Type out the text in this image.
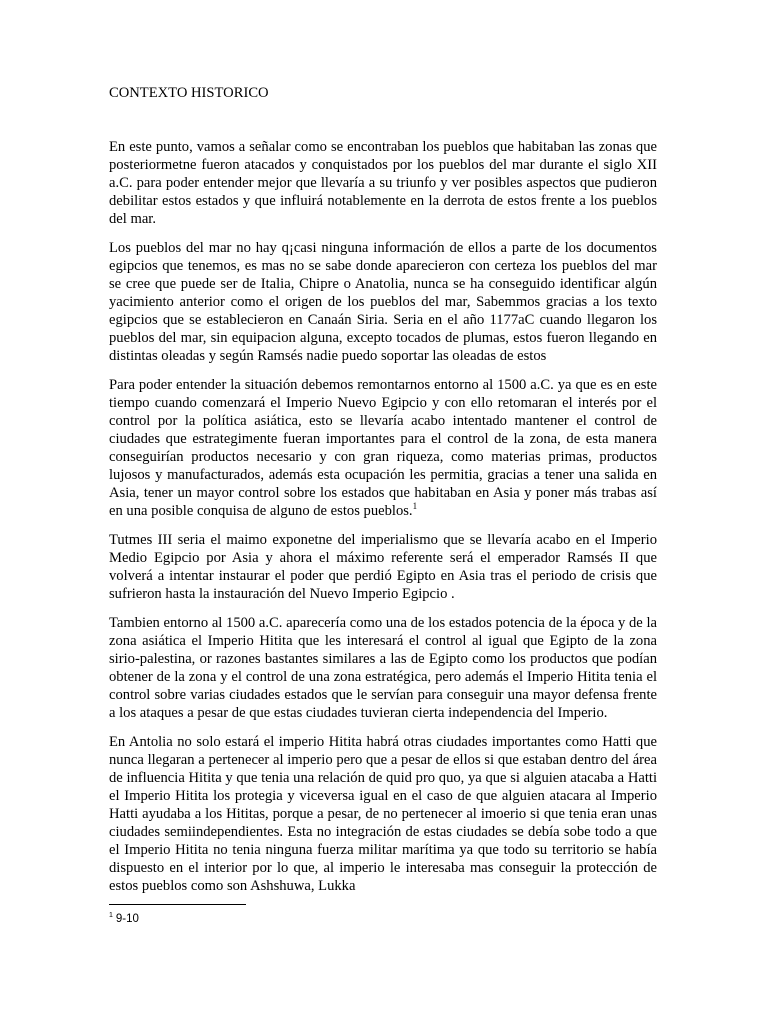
CONTEXTO HISTORICO

En este punto, vamos a señalar como se encontraban los pueblos que habitaban las zonas que posteriormetne fueron atacados y conquistados por los pueblos del mar durante el siglo XII a.C. para poder entender mejor que llevaría a su triunfo y ver posibles aspectos que pudieron debilitar estos estados y que influirá notablemente en la derrota de estos frente a los pueblos del mar.

Los pueblos del mar no hay q¡casi ninguna información de ellos a parte de los documentos egipcios que tenemos, es mas no se sabe donde aparecieron con certeza los pueblos del mar se cree que puede ser de Italia, Chipre o Anatolia, nunca se ha conseguido identificar algún yacimiento anterior como el origen de los pueblos del mar, Sabemmos gracias a los texto egipcios que se establecieron en Canaán Siria. Seria en el año 1177aC cuando llegaron los pueblos del mar, sin equipacion alguna, excepto tocados de plumas, estos fueron llegando en distintas oleadas y según Ramsés nadie puedo soportar las oleadas de estos

Para poder entender la situación debemos remontarnos entorno al 1500 a.C. ya que es en este tiempo cuando comenzará el Imperio Nuevo Egipcio y con ello retomaran el interés por el control por la política asiática, esto se llevaría acabo intentado mantener el control de ciudades que estrategimente fueran importantes para el control de la zona, de esta manera conseguirían productos necesario y con gran riqueza, como materias primas, productos lujosos y manufacturados, además esta ocupación les permitia, gracias a tener una salida en Asia, tener un mayor control sobre los estados que habitaban en Asia y poner más trabas así en una posible conquisa de alguno de estos pueblos.$^1$

Tutmes III seria el maimo exponetne del imperialismo que se llevaría acabo en el Imperio Medio Egipcio por Asia y ahora el máximo referente será el emperador Ramsés II que volverá a intentar instaurar el poder que perdió Egipto en Asia tras el periodo de crisis que sufrieron hasta la instauración del Nuevo Imperio Egipcio .

Tambien entorno al 1500 a.C. aparecería como una de los estados potencia de la época y de la zona asiática el Imperio Hitita que les interesará el control al igual que Egipto de la zona sirio-palestina, or razones bastantes similares a las de Egipto como los productos que podían obtener de la zona y el control de una zona estratégica, pero además el Imperio Hitita tenia el control sobre varias ciudades estados que le servían para conseguir una mayor defensa frente a los ataques a pesar de que estas ciudades tuvieran cierta independencia del Imperio.

En Antolia no solo estará el imperio Hitita habrá otras ciudades importantes como Hatti que nunca llegaran a pertenecer al imperio pero que a pesar de ellos si que estaban dentro del área de influencia Hitita y que tenia una relación de quid pro quo, ya que si alguien atacaba a Hatti el Imperio Hitita los protegia y viceversa igual en el caso de que alguien atacara al Imperio Hatti ayudaba a los Hititas, porque a pesar, de no pertenecer al imoerio si que tenia eran unas ciudades semiindependientes. Esta no integración de estas ciudades se debía sobe todo a que el Imperio Hitita no tenia ninguna fuerza militar marítima ya que todo su territorio se había dispuesto en el interior por lo que, al imperio le interesaba mas conseguir la protección de estos pueblos como son Ashshuwa, Lukka

$^1$ 9-10
